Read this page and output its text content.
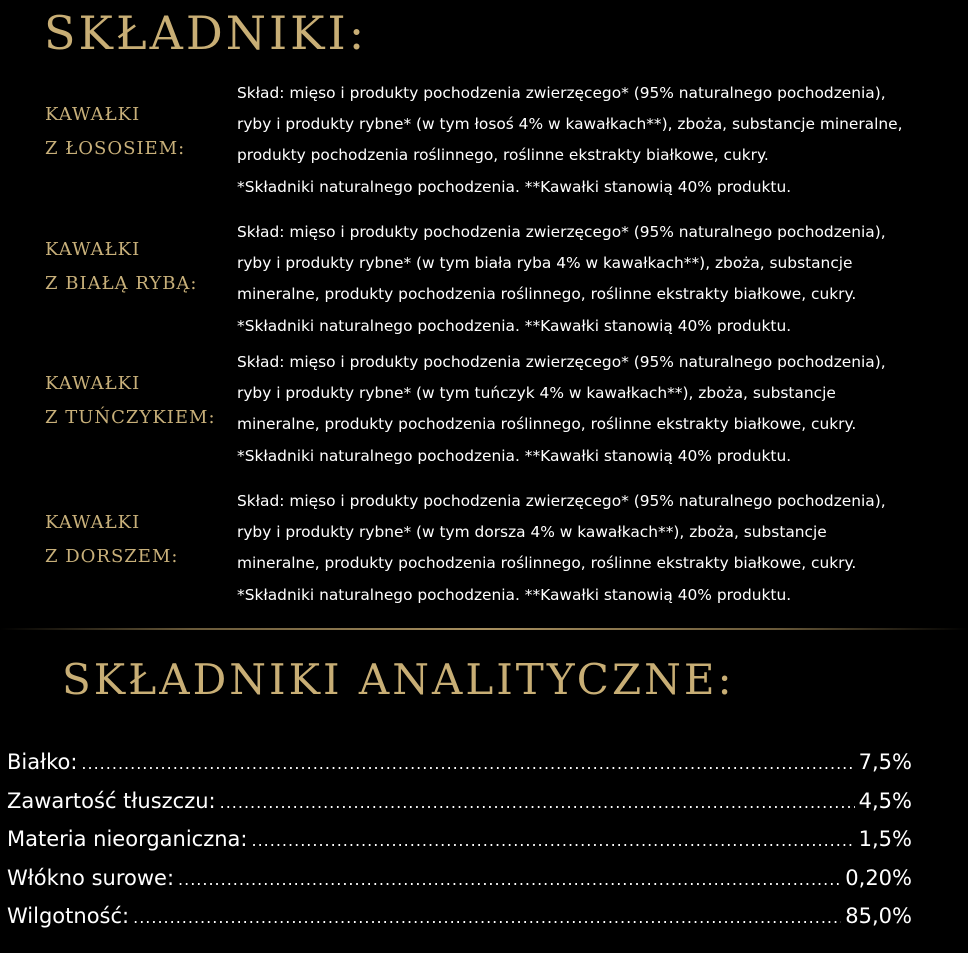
SKŁADNIKI:
KAWAŁKI
Z ŁOSOSIEM:

Skład: mięso i produkty pochodzenia zwierzęcego* (95% naturalnego pochodzenia),
ryby i produkty rybne* (w tym łosoś 4% w kawałkach**), zboża, substancje mineralne,
produkty pochodzenia roślinnego, roślinne ekstrakty białkowe, cukry.
*Składniki naturalnego pochodzenia. **Kawałki stanowią 40% produktu.

KAWAŁKI
Z BIAŁĄ RYBĄ:

Skład: mięso i produkty pochodzenia zwierzęcego* (95% naturalnego pochodzenia),
ryby i produkty rybne* (w tym biała ryba 4% w kawałkach**), zboża, substancje
mineralne, produkty pochodzenia roślinnego, roślinne ekstrakty białkowe, cukry.
*Składniki naturalnego pochodzenia. **Kawałki stanowią 40% produktu.

KAWAŁKI
Z TUŃCZYKIEM:

Skład: mięso i produkty pochodzenia zwierzęcego* (95% naturalnego pochodzenia),
ryby i produkty rybne* (w tym tuńczyk 4% w kawałkach**), zboża, substancje
mineralne, produkty pochodzenia roślinnego, roślinne ekstrakty białkowe, cukry.
*Składniki naturalnego pochodzenia. **Kawałki stanowią 40% produktu.

KAWAŁKI
Z DORSZEM:

Skład: mięso i produkty pochodzenia zwierzęcego* (95% naturalnego pochodzenia),
ryby i produkty rybne* (w tym dorsza 4% w kawałkach**), zboża, substancje
mineralne, produkty pochodzenia roślinnego, roślinne ekstrakty białkowe, cukry.
*Składniki naturalnego pochodzenia. **Kawałki stanowią 40% produktu.

SKŁADNIKI ANALITYCZNE:
Białko: .....	7,5%
Zawartość tłuszczu: .....	4,5%
Materia nieorganiczna: .....	1,5%
Włókno surowe: .....	0,20%
Wilgotność: .....	85,0%
